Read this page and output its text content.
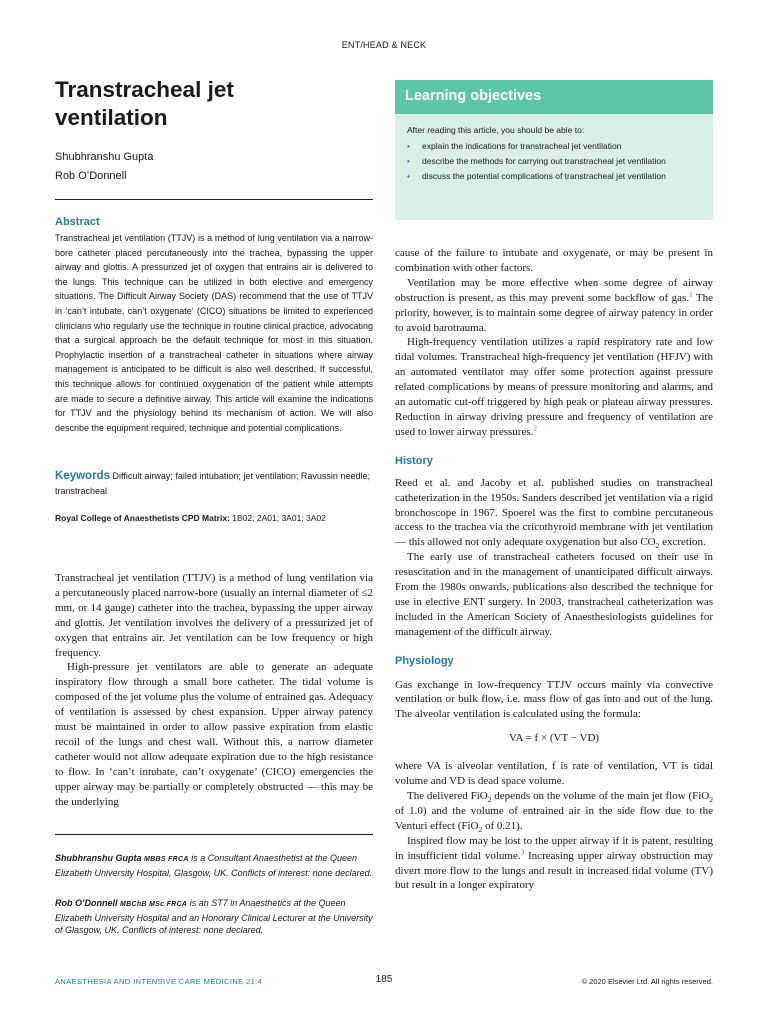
ENT/HEAD & NECK
Transtracheal jet
ventilation
Shubhranshu Gupta
Rob O’Donnell
Abstract

Transtracheal jet ventilation (TTJV) is a method of lung ventilation via a narrow-bore catheter placed percutaneously into the trachea, bypassing the upper airway and glottis. A pressurized jet of oxygen that entrains air is delivered to the lungs. This technique can be utilized in both elective and emergency situations. The Difficult Airway Society (DAS) recommend that the use of TTJV in ‘can’t intubate, can’t oxygenate’ (CICO) situations be limited to experienced clinicians who regularly use the technique in routine clinical practice, advocating that a surgical approach be the default technique for most in this situation. Prophylactic insertion of a transtracheal catheter in situations where airway management is anticipated to be difficult is also well described. If successful, this technique allows for continued oxygenation of the patient while attempts are made to secure a definitive airway. This article will examine the indications for TTJV and the physiology behind its mechanism of action. We will also describe the equipment required, technique and potential complications.

Keywords Difficult airway; failed intubation; jet ventilation; Ravussin needle; transtracheal

Royal College of Anaesthetists CPD Matrix: 1B02; 2A01; 3A01; 3A02

Transtracheal jet ventilation (TTJV) is a method of lung ventilation via a percutaneously placed narrow-bore (usually an internal diameter of ≤2 mm, or 14 gauge) catheter into the trachea, bypassing the upper airway and glottis. Jet ventilation involves the delivery of a pressurized jet of oxygen that entrains air. Jet ventilation can be low frequency or high frequency.
High-pressure jet ventilators are able to generate an adequate inspiratory flow through a small bore catheter. The tidal volume is composed of the jet volume plus the volume of entrained gas. Adequacy of ventilation is assessed by chest expansion. Upper airway patency must be maintained in order to allow passive expiration from elastic recoil of the lungs and chest wall. Without this, a narrow diameter catheter would not allow adequate expiration due to the high resistance to flow. In ‘can’t intubate, can’t oxygenate’ (CICO) emergencies the upper airway may be partially or completely obstructed — this may be the underlying

Shubhranshu Gupta MBBS FRCA is a Consultant Anaesthetist at the Queen Elizabeth University Hospital, Glasgow, UK. Conflicts of interest: none declared.

Rob O’Donnell MBChB MSc FRCA is an ST7 in Anaesthetics at the Queen Elizabeth University Hospital and an Honorary Clinical Lecturer at the University of Glasgow, UK. Conflicts of interest: none declared.

Learning objectives
After reading this article, you should be able to:
• explain the indications for transtracheal jet ventilation
• describe the methods for carrying out transtracheal jet ventilation
• discuss the potential complications of transtracheal jet ventilation
cause of the failure to intubate and oxygenate, or may be present in combination with other factors.
Ventilation may be more effective when some degree of airway obstruction is present, as this may prevent some backflow of gas.$^1$ The priority, however, is to maintain some degree of airway patency in order to avoid barotrauma.
High-frequency ventilation utilizes a rapid respiratory rate and low tidal volumes. Transtracheal high-frequency jet ventilation (HFJV) with an automated ventilator may offer some protection against pressure related complications by means of pressure monitoring and alarms, and an automatic cut-off triggered by high peak or plateau airway pressures. Reduction in airway driving pressure and frequency of ventilation are used to lower airway pressures.$^2$
History
Reed et al. and Jacoby et al. published studies on transtracheal catheterization in the 1950s. Sanders described jet ventilation via a rigid bronchoscope in 1967. Spoerel was the first to combine percutaneous access to the trachea via the cricothyroid membrane with jet ventilation — this allowed not only adequate oxygenation but also $CO_2$ excretion.
The early use of transtracheal catheters focused on their use in resuscitation and in the management of unanticipated difficult airways. From the 1980s onwards, publications also described the technique for use in elective ENT surgery. In 2003, transtracheal catheterization was included in the American Society of Anaesthesiologists guidelines for management of the difficult airway.
Physiology
Gas exchange in low-frequency TTJV occurs mainly via convective ventilation or bulk flow, i.e. mass flow of gas into and out of the lung. The alveolar ventilation is calculated using the formula:
VA = f × (VT − VD)
where VA is alveolar ventilation, f is rate of ventilation, VT is tidal volume and VD is dead space volume.
The delivered FiO$_2$ depends on the volume of the main jet flow (FiO$_2$ of 1.0) and the volume of entrained air in the side flow due to the Venturi effect (FiO$_2$ of 0.21).
Inspired flow may be lost to the upper airway if it is patent, resulting in insufficient tidal volume.$^3$ Increasing upper airway obstruction may divert more flow to the lungs and result in increased tidal volume (TV) but result in a longer expiratory
ANAESTHESIA AND INTENSIVE CARE MEDICINE 21:4	185	© 2020 Elsevier Ltd. All rights reserved.
